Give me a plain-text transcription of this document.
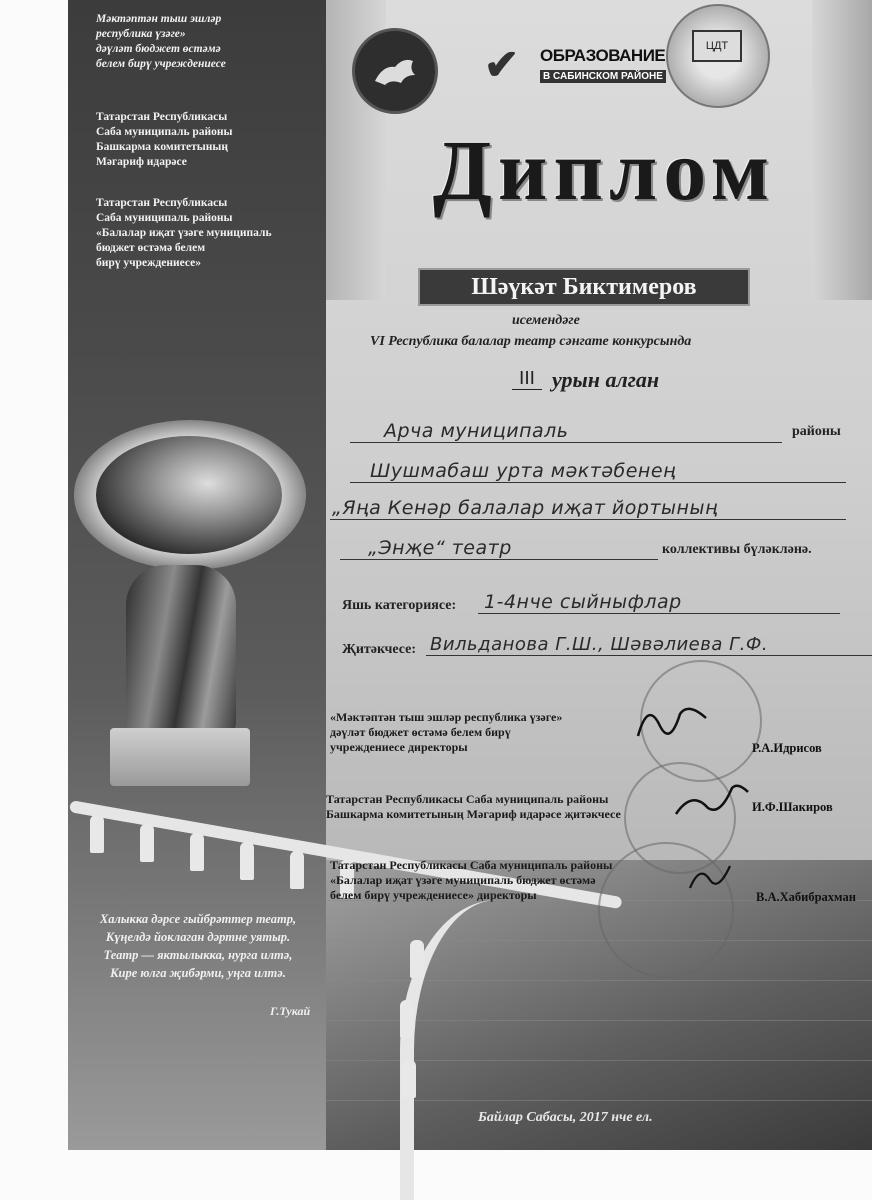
Мәктәптән тыш эшләр
республика үзәге»
дәүләт бюджет өстәмә
белем бирү учреждениесе
Татарстан Республикасы
Саба муниципаль районы
Башкарма комитетының
Мәгариф идарәсе
Татарстан Республикасы
Саба муниципаль районы
«Балалар иҗат үзәге муниципаль
бюджет өстәмә белем
бирү учреждениесе»
✔ ОБРАЗОВАНИЕ
В САБИНСКОМ РАЙОНЕ
ЦДТ
Диплом
Шәүкәт Биктимеров
исемендәге
VI Республика балалар театр сәнгате конкурсында
III урын алган
Арча муниципаль	районы
Шушмабаш урта мәктәбенең
„Яңа Кенәр балалар иҗат йортының
„Энҗе“ театр	коллективы бүләкләнә.
Яшь категориясе:	1-4нче сыйныфлар
Җитәкчесе: Вильданова Г.Ш., Шәвәлиева Г.Ф.
«Мәктәптән тыш эшләр республика үзәге»
дәүләт бюджет өстәмә белем бирү
учреждениесе директоры	Р.А.Идрисов
Татарстан Республикасы Саба муниципаль районы
Башкарма комитетының Мәгариф идарәсе җитәкчесе	И.Ф.Шакиров
Татарстан Республикасы Саба муниципаль районы
«Балалар иҗат үзәге муниципаль бюджет өстәмә
белем бирү учреждениесе» директоры	В.А.Хабибрахман
Халыкка дәрсе гыйбрәттер театр,
Күңелдә йоклаган дәртне уятыр.
Театр — яктылыкка, нурга илтә,
Кире юлга җибәрми, уңга илтә.
Г.Тукай
Байлар Сабасы, 2017 нче ел.
